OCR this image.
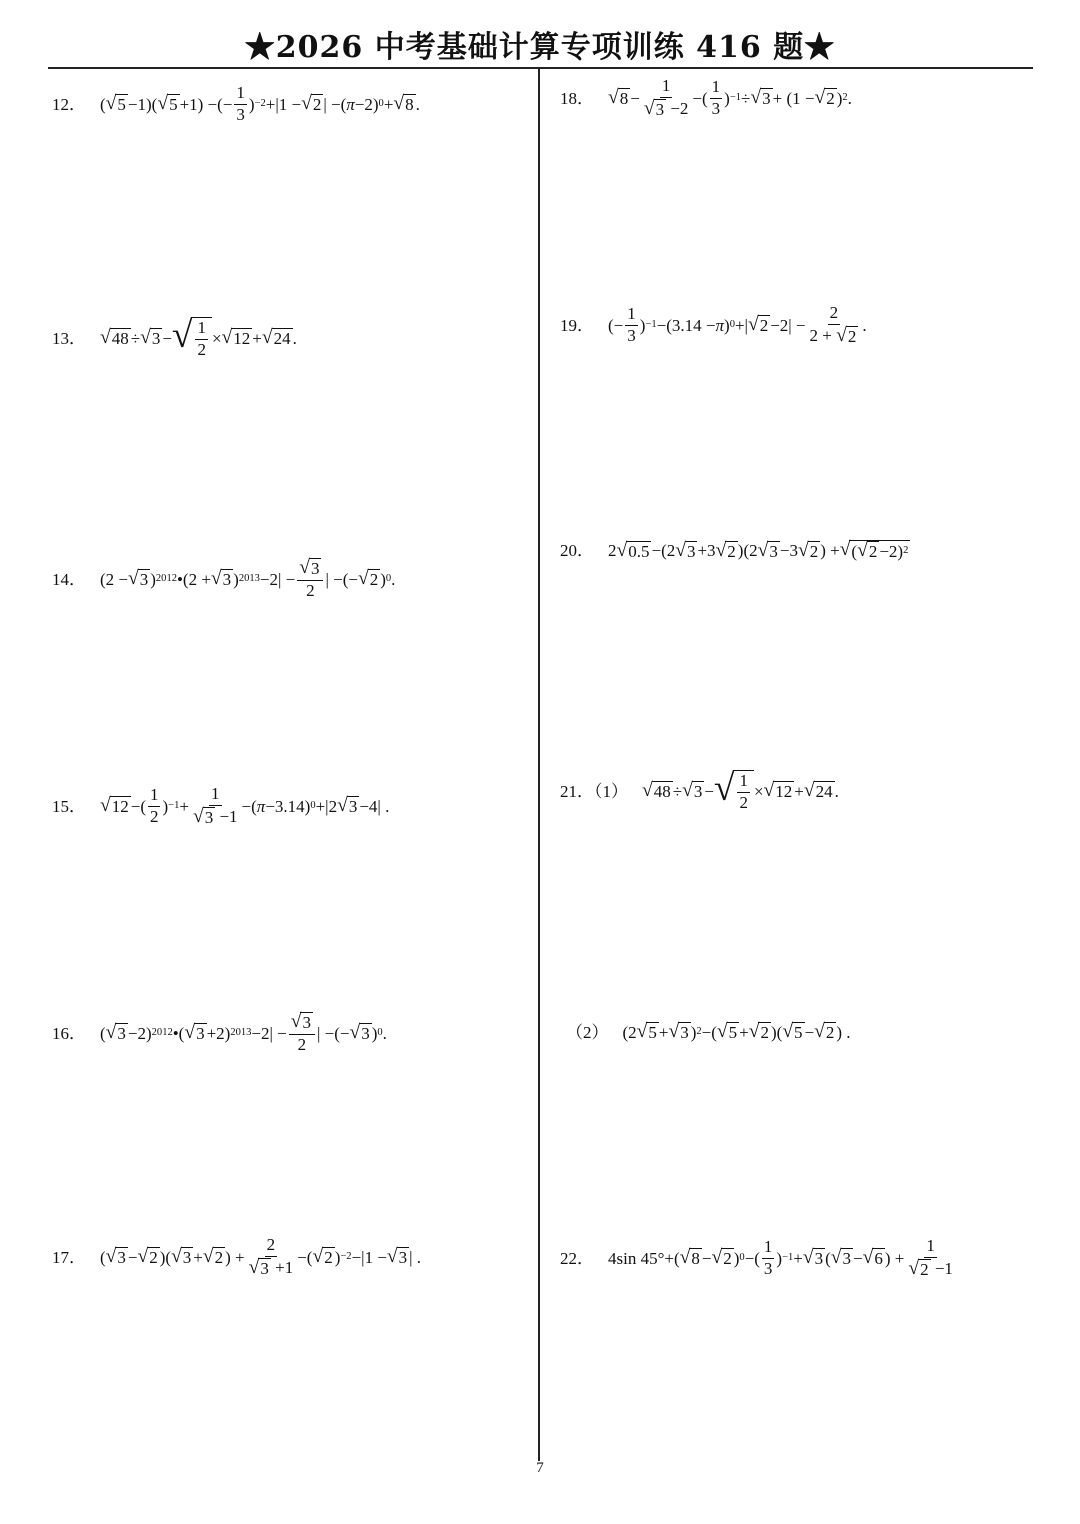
★2026 中考基础计算专项训练 416 题★
12． ( √ 5 −1)( √ 5 +1) −(−
1
3
) −2 +|1 − √ 2 | −( π −2) 0 + √ 8 .
13． √ 48 ÷ √ 3 − √ 1
2
× √ 12 + √ 24 .
14． (2 − √ 3 ) 2012 •(2 + √ 3 ) 2013 −2| −
√ 3
2
| −(− √ 2 ) 0 .
15． √ 12 −(
1
2
) −1 +
1
√ 3 −1
−( π −3.14) 0 +|2 √ 3 −4| .
16． ( √ 3 −2) 2012 •( √ 3 +2) 2013 −2| −
√ 3
2
| −(− √ 3 ) 0 .
17． ( √ 3 − √ 2 )( √ 3 + √ 2 ) +
2
√ 3 +1
−( √ 2 ) −2 −|1 − √ 3 | .
18． √ 8 −
1
√ 3 −2
−(
1
3
) −1 ÷ √ 3 + (1 − √ 2 ) 2 .
19． (−
1
3
) −1 −(3.14 − π ) 0 +| √ 2 −2| −
2
2 + √ 2
.
20． 2 √ 0.5 −(2 √ 3 +3 √ 2 )(2 √ 3 −3 √ 2 ) + √ ( √ 2 −2) 2
21．（1） √ 48 ÷ √ 3 − √ 1
2
× √ 12 + √ 24 .
（2） (2 √ 5 + √ 3 ) 2 −( √ 5 + √ 2 )( √ 5 − √ 2 ) .
22． 4sin 45°+( √ 8 − √ 2 ) 0 −(
1
3
) −1 + √ 3 ( √ 3 − √ 6 ) +
1
√ 2 −1
7
